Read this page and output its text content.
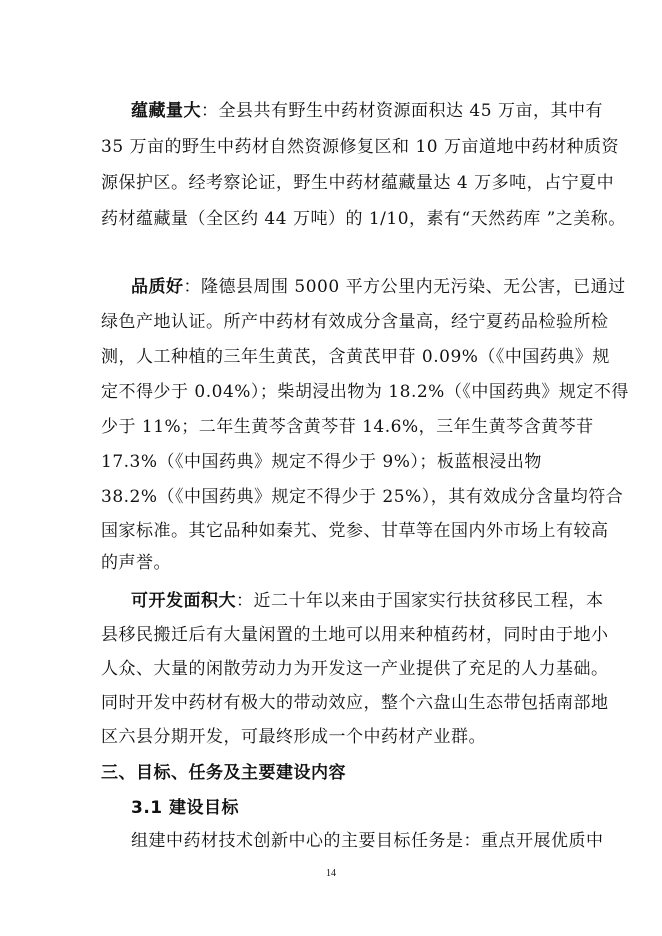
蕴藏量大：全县共有野生中药材资源面积达 45 万亩，其中有
35 万亩的野生中药材自然资源修复区和 10 万亩道地中药材种质资
源保护区。经考察论证，野生中药材蕴藏量达 4 万多吨，占宁夏中
药材蕴藏量（全区约 44 万吨）的 1/10，素有“天然药库 ”之美称。
品质好：隆德县周围 5000 平方公里内无污染、无公害，已通过
绿色产地认证。所产中药材有效成分含量高，经宁夏药品检验所检
测，人工种植的三年生黄芪，含黄芪甲苷 0.09%（《中国药典》规
定不得少于 0.04%）；柴胡浸出物为 18.2%（《中国药典》规定不得
少于 11%；二年生黄芩含黄芩苷 14.6%，三年生黄芩含黄芩苷
17.3%（《中国药典》规定不得少于 9%）；板蓝根浸出物
38.2%（《中国药典》规定不得少于 25%），其有效成分含量均符合
国家标准。其它品种如秦艽、党参、甘草等在国内外市场上有较高
的声誉。
可开发面积大：近二十年以来由于国家实行扶贫移民工程，本
县移民搬迁后有大量闲置的土地可以用来种植药材，同时由于地小
人众、大量的闲散劳动力为开发这一产业提供了充足的人力基础。
同时开发中药材有极大的带动效应，整个六盘山生态带包括南部地
区六县分期开发，可最终形成一个中药材产业群。
三、目标、任务及主要建设内容
3.1 建设目标
组建中药材技术创新中心的主要目标任务是：重点开展优质中
14
